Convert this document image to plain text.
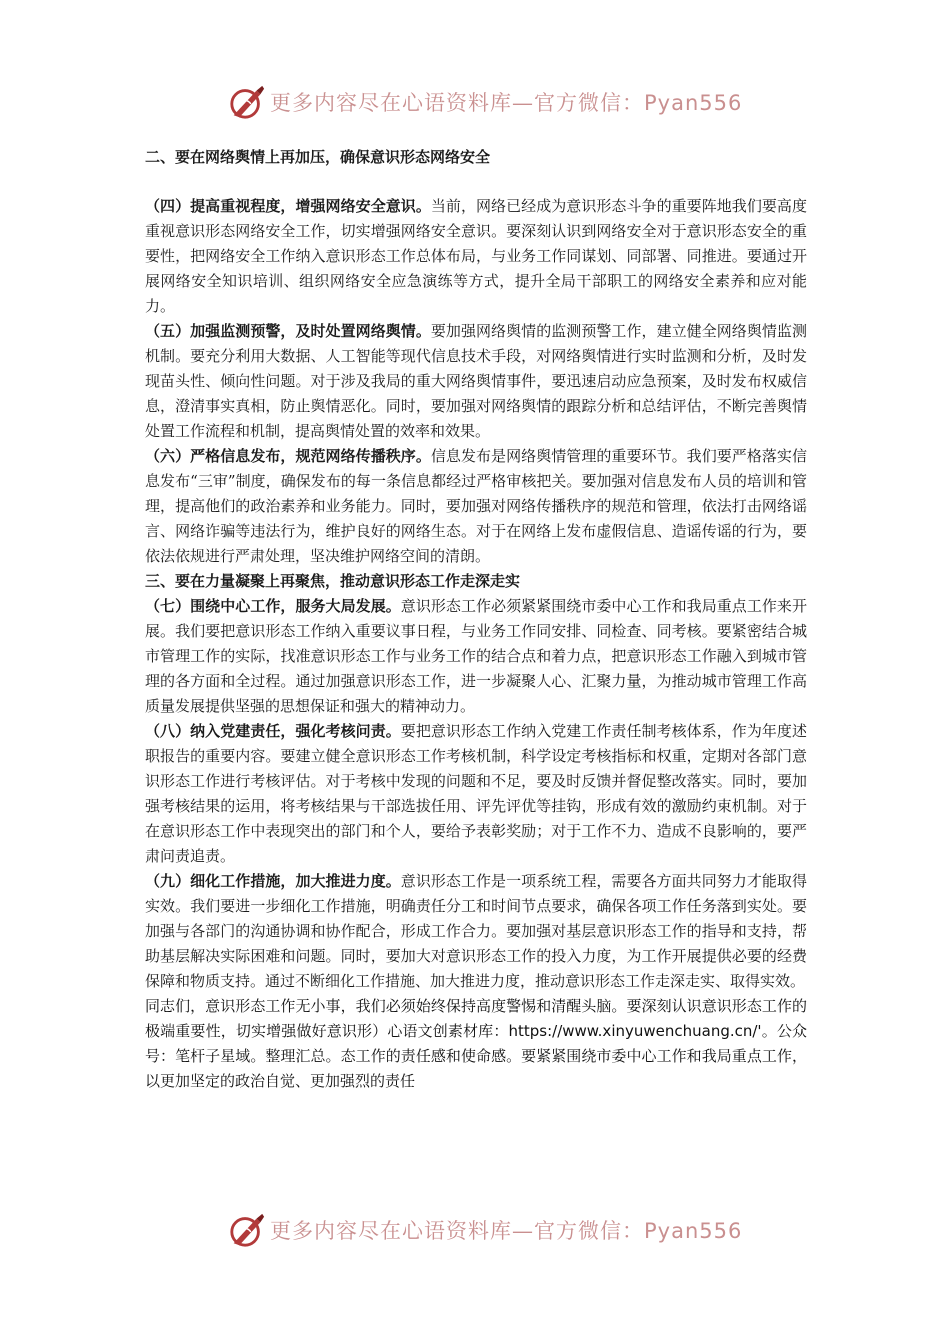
更多内容尽在心语资料库—官方微信：Pyan556

二、要在网络舆情上再加压，确保意识形态网络安全

（四）提高重视程度，增强网络安全意识。当前，网络已经成为意识形态斗争的重要阵地我们要高度重视意识形态网络安全工作，切实增强网络安全意识。要深刻认识到网络安全对于意识形态安全的重要性，把网络安全工作纳入意识形态工作总体布局，与业务工作同谋划、同部署、同推进。要通过开展网络安全知识培训、组织网络安全应急演练等方式，提升全局干部职工的网络安全素养和应对能力。

（五）加强监测预警，及时处置网络舆情。要加强网络舆情的监测预警工作，建立健全网络舆情监测机制。要充分利用大数据、人工智能等现代信息技术手段，对网络舆情进行实时监测和分析，及时发现苗头性、倾向性问题。对于涉及我局的重大网络舆情事件，要迅速启动应急预案，及时发布权威信息，澄清事实真相，防止舆情恶化。同时，要加强对网络舆情的跟踪分析和总结评估，不断完善舆情处置工作流程和机制，提高舆情处置的效率和效果。

（六）严格信息发布，规范网络传播秩序。信息发布是网络舆情管理的重要环节。我们要严格落实信息发布“三审”制度，确保发布的每一条信息都经过严格审核把关。要加强对信息发布人员的培训和管理，提高他们的政治素养和业务能力。同时，要加强对网络传播秩序的规范和管理，依法打击网络谣言、网络诈骗等违法行为，维护良好的网络生态。对于在网络上发布虚假信息、造谣传谣的行为，要依法依规进行严肃处理，坚决维护网络空间的清朗。

三、要在力量凝聚上再聚焦，推动意识形态工作走深走实

（七）围绕中心工作，服务大局发展。意识形态工作必须紧紧围绕市委中心工作和我局重点工作来开展。我们要把意识形态工作纳入重要议事日程，与业务工作同安排、同检查、同考核。要紧密结合城市管理工作的实际，找准意识形态工作与业务工作的结合点和着力点，把意识形态工作融入到城市管理的各方面和全过程。通过加强意识形态工作，进一步凝聚人心、汇聚力量，为推动城市管理工作高质量发展提供坚强的思想保证和强大的精神动力。

（八）纳入党建责任，强化考核问责。要把意识形态工作纳入党建工作责任制考核体系，作为年度述职报告的重要内容。要建立健全意识形态工作考核机制，科学设定考核指标和权重，定期对各部门意识形态工作进行考核评估。对于考核中发现的问题和不足，要及时反馈并督促整改落实。同时，要加强考核结果的运用，将考核结果与干部选拔任用、评先评优等挂钩，形成有效的激励约束机制。对于在意识形态工作中表现突出的部门和个人，要给予表彰奖励；对于工作不力、造成不良影响的，要严肃问责追责。

（九）细化工作措施，加大推进力度。意识形态工作是一项系统工程，需要各方面共同努力才能取得实效。我们要进一步细化工作措施，明确责任分工和时间节点要求，确保各项工作任务落到实处。要加强与各部门的沟通协调和协作配合，形成工作合力。要加强对基层意识形态工作的指导和支持，帮助基层解决实际困难和问题。同时，要加大对意识形态工作的投入力度，为工作开展提供必要的经费保障和物质支持。通过不断细化工作措施、加大推进力度，推动意识形态工作走深走实、取得实效。

同志们，意识形态工作无小事，我们必须始终保持高度警惕和清醒头脑。要深刻认识意识形态工作的极端重要性，切实增强做好意识形）心语文创素材库：https://www.xinyuwenchuang.cn/'。公众号：笔杆子星域。整理汇总。态工作的责任感和使命感。要紧紧围绕市委中心工作和我局重点工作，以更加坚定的政治自觉、更加强烈的责任

更多内容尽在心语资料库—官方微信：Pyan556
